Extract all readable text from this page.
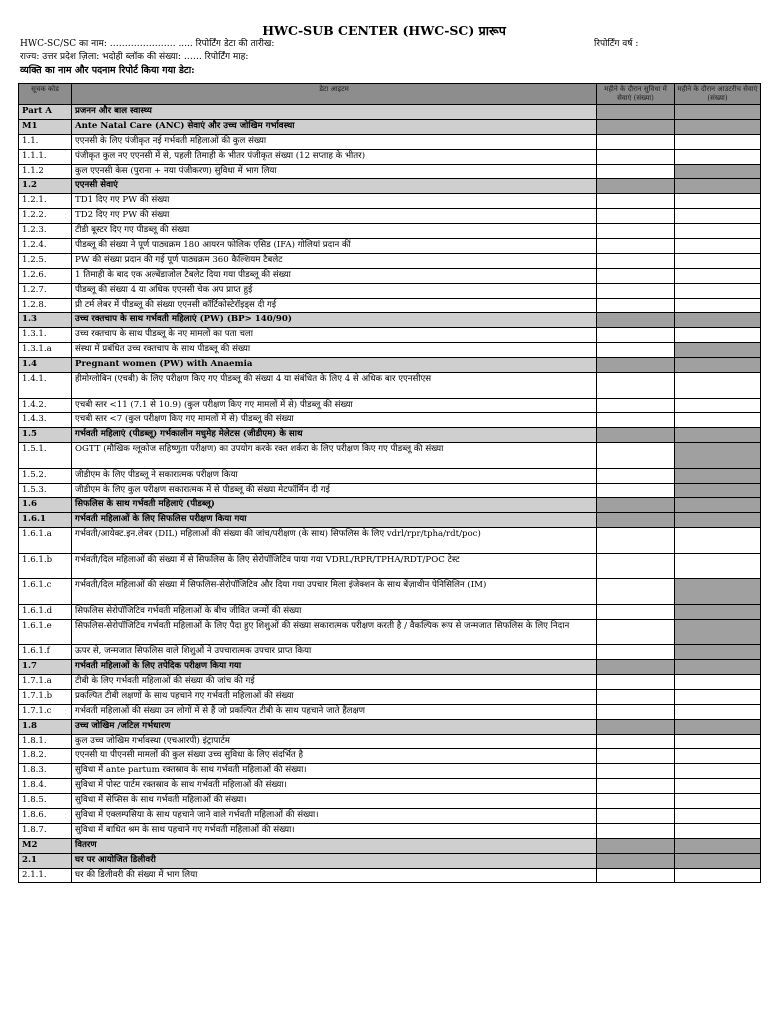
HWC-SUB CENTER (HWC-SC) प्रारूप
HWC-SC/SC का नाम: …………………. ..... रिपोर्टिंग डेटा की तारीख:	रिपोर्टिंग वर्ष :
राज्य: उत्तर प्रदेश ज़िला: भदोही ब्लॉक की संख्या: …… रिपोर्टिंग माह:
व्यक्ति का नाम और पदनाम रिपोर्ट किया गया डेटा:
सूचक कोड	डेटा आइटम	महीने के दौरान सुविधा में सेवाएं (संख्या)	महीने के दौरान आउटरीच सेवाएं (संख्या)
Part A	प्रजनन और बाल स्वास्थ्य		
M1	Ante Natal Care (ANC) सेवाएं और उच्च जोखिम गर्भावस्था		
1.1.	एएनसी के लिए पंजीकृत नई गर्भवती महिलाओं की कुल संख्या		
1.1.1.	पंजीकृत कुल नए एएनसी में से, पहली तिमाही के भीतर पंजीकृत संख्या (12 सप्ताह के भीतर)		
1.1.2	कुल एएनसी केस (पुराना + नया पंजीकरण) सुविधा में भाग लिया		
1.2	एएनसी सेवाएं		
1.2.1.	TD1 दिए गए PW की संख्या		
1.2.2.	TD2 दिए गए PW की संख्या		
1.2.3.	टीडी बूस्टर दिए गए पीडब्लू की संख्या		
1.2.4.	पीडब्लू की संख्या ने पूर्ण पाठ्यक्रम 180 आयरन फोलिक एसिड (IFA) गोलियां प्रदान कीं		
1.2.5.	PW की संख्या प्रदान की गई पूर्ण पाठ्यक्रम 360 कैल्शियम टैबलेट		
1.2.6.	1 तिमाही के बाद एक अल्बेंडाजोल टैबलेट दिया गया पीडब्लू की संख्या		
1.2.7.	पीडब्लू की संख्या 4 या अधिक एएनसी चेक अप प्राप्त हुई		
1.2.8.	प्री टर्म लेबर में पीडब्लू की संख्या एएनसी कॉर्टिकोस्टेरॉइड्स दी गई		
1.3	उच्च रक्तचाप के साथ गर्भवती महिलाएं (PW) (BP> 140/90)		
1.3.1.	उच्च रक्तचाप के साथ पीडब्लू के नए मामलों का पता चला		
1.3.1.a	संस्था में प्रबंधित उच्च रक्तचाप के साथ पीडब्लू की संख्या		
1.4	Pregnant women (PW) with Anaemia		
1.4.1.	हीमोग्लोबिन (एचबी) के लिए परीक्षण किए गए पीडब्लू की संख्या 4 या संबंधित के लिए 4 से अधिक बार एएनसीएस		
1.4.2.	एचबी स्तर <11 (7.1 से 10.9) (कुल परीक्षण किए गए मामलों में से) पीडब्लू की संख्या		
1.4.3.	एचबी स्तर <7 (कुल परीक्षण किए गए मामलों में से) पीडब्लू की संख्या		
1.5	गर्भवती महिलाएं (पीडब्लू) गर्भकालीन मधुमेह मेलेटस (जीडीएम) के साथ		
1.5.1.	OGTT (मौखिक ग्लूकोज सहिष्णुता परीक्षण) का उपयोग करके रक्त शर्करा के लिए परीक्षण किए गए पीडब्लू की संख्या		
1.5.2.	जीडीएम के लिए पीडब्लू ने सकारात्मक परीक्षण किया		
1.5.3.	जीडीएम के लिए कुल परीक्षण सकारात्मक में से पीडब्लू की संख्या मेटफॉर्मिन दी गई		
1.6	सिफलिस के साथ गर्भवती महिलाएं (पीडब्लू)		
1.6.1	गर्भवती महिलाओं के लिए सिफलिस परीक्षण किया गया		
1.6.1.a	गर्भवती/आयेक्ट.इन.लेबर (DIL) महिलाओं की संख्या की जांच/परीक्षण (के साथ) सिफलिस के लिए vdrl/rpr/tpha/rdt/poc)		
1.6.1.b	गर्भवती/दिल महिलाओं की संख्या में से सिफलिस के लिए सेरोपॉजिटिव पाया गया VDRL/RPR/TPHA/RDT/POC टेस्ट		
1.6.1.c	गर्भवती/दिल महिलाओं की संख्या में सिफलिस-सेरोपॉजिटिव और दिया गया उपचार मिला इंजेक्शन के साथ बेंज़ाथीन पेनिसिलिन (IM)		
1.6.1.d	सिफलिस सेरोपॉजिटिव गर्भवती महिलाओं के बीच जीवित जन्मों की संख्या		
1.6.1.e	सिफलिस-सेरोपॉजिटिव गर्भवती महिलाओं के लिए पैदा हुए शिशुओं की संख्या सकारात्मक परीक्षण करती है / वैकल्पिक रूप से जन्मजात सिफलिस के लिए निदान		
1.6.1.f	ऊपर से, जन्मजात सिफलिस वाले शिशुओं ने उपचारात्मक उपचार प्राप्त किया		
1.7	गर्भवती महिलाओं के लिए तपेदिक परीक्षण किया गया		
1.7.1.a	टीबी के लिए गर्भवती महिलाओं की संख्या की जांच की गई		
1.7.1.b	प्रकल्पित टीबी लक्षणों के साथ पहचाने गए गर्भवती महिलाओं की संख्या		
1.7.1.c	गर्भवती महिलाओं की संख्या उन लोगों में से हैं जो प्रकल्पित टीबी के साथ पहचाने जाते हैंलक्षण		
1.8	उच्च जोखिम /जटिल गर्भधारण		
1.8.1.	कुल उच्च जोखिम गर्भावस्था (एचआरपी) इंट्रापार्टम		
1.8.2.	एएनसी या पीएनसी मामलों की कुल संख्या उच्च सुविधा के लिए संदर्भित है		
1.8.3.	सुविधा में ante partum रक्तस्राव के साथ गर्भवती महिलाओं की संख्या।		
1.8.4.	सुविधा में पोस्ट पार्टम रक्तस्राव के साथ गर्भवती महिलाओं की संख्या।		
1.8.5.	सुविधा में सेप्सिस के साथ गर्भवती महिलाओं की संख्या।		
1.8.6.	सुविधा में एक्लम्पसिया के साथ पहचाने जाने वाले गर्भवती महिलाओं की संख्या।		
1.8.7.	सुविधा में बाधित श्रम के साथ पहचाने गए गर्भवती महिलाओं की संख्या।		
M2	वितरण		
2.1	घर पर आयोजित डिलीवरी		
2.1.1.	घर की डिलीवरी की संख्या में भाग लिया		
